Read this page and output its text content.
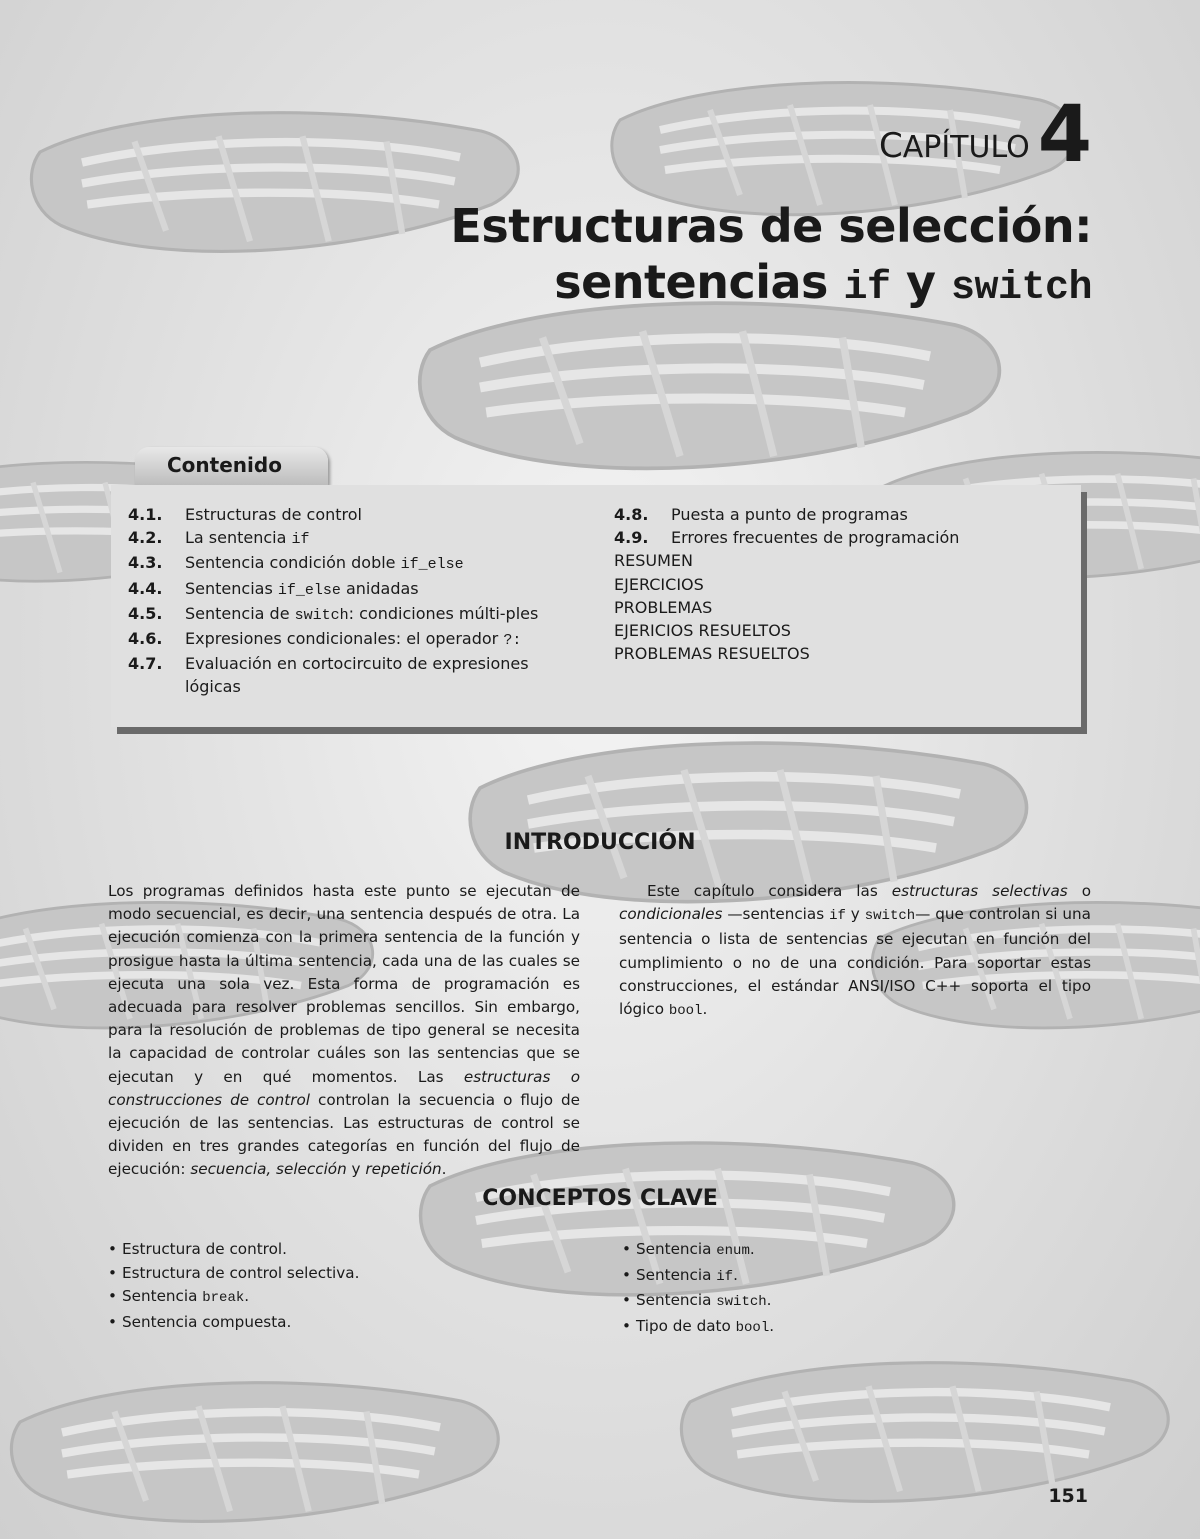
CAPÍTULO 4
Estructuras de selección:
sentencias if y switch
Contenido
4.1.	Estructuras de control
4.2.	La sentencia if
4.3.	Sentencia condición doble if_else
4.4.	Sentencias if_else anidadas
4.5.	Sentencia de switch: condiciones múlti-ples
4.6.	Expresiones condicionales: el operador ?:
4.7.	Evaluación en cortocircuito de expresiones lógicas
4.8.	Puesta a punto de programas
4.9.	Errores frecuentes de programación
RESUMEN
EJERCICIOS
PROBLEMAS
EJERICIOS RESUELTOS
PROBLEMAS RESUELTOS
INTRODUCCIÓN

Los programas definidos hasta este punto se ejecutan de modo secuencial, es decir, una sentencia después de otra. La ejecución comienza con la primera sentencia de la función y prosigue hasta la última sentencia, cada una de las cuales se ejecuta una sola vez. Esta forma de programación es adecuada para resolver problemas sencillos. Sin embargo, para la resolución de problemas de tipo general se necesita la capacidad de controlar cuáles son las sentencias que se ejecutan y en qué momentos. Las estructuras o construcciones de control controlan la secuencia o flujo de ejecución de las sentencias. Las estructuras de control se dividen en tres grandes categorías en función del flujo de ejecución: secuencia, selección y repetición.

Este capítulo considera las estructuras selectivas o condicionales —sentencias if y switch— que controlan si una sentencia o lista de sentencias se ejecutan en función del cumplimiento o no de una condición. Para soportar estas construcciones, el estándar ANSI/ISO C++ soporta el tipo lógico bool.

CONCEPTOS CLAVE
• Estructura de control.
• Estructura de control selectiva.
• Sentencia break.
• Sentencia compuesta.
• Sentencia enum.
• Sentencia if.
• Sentencia switch.
• Tipo de dato bool.
151
